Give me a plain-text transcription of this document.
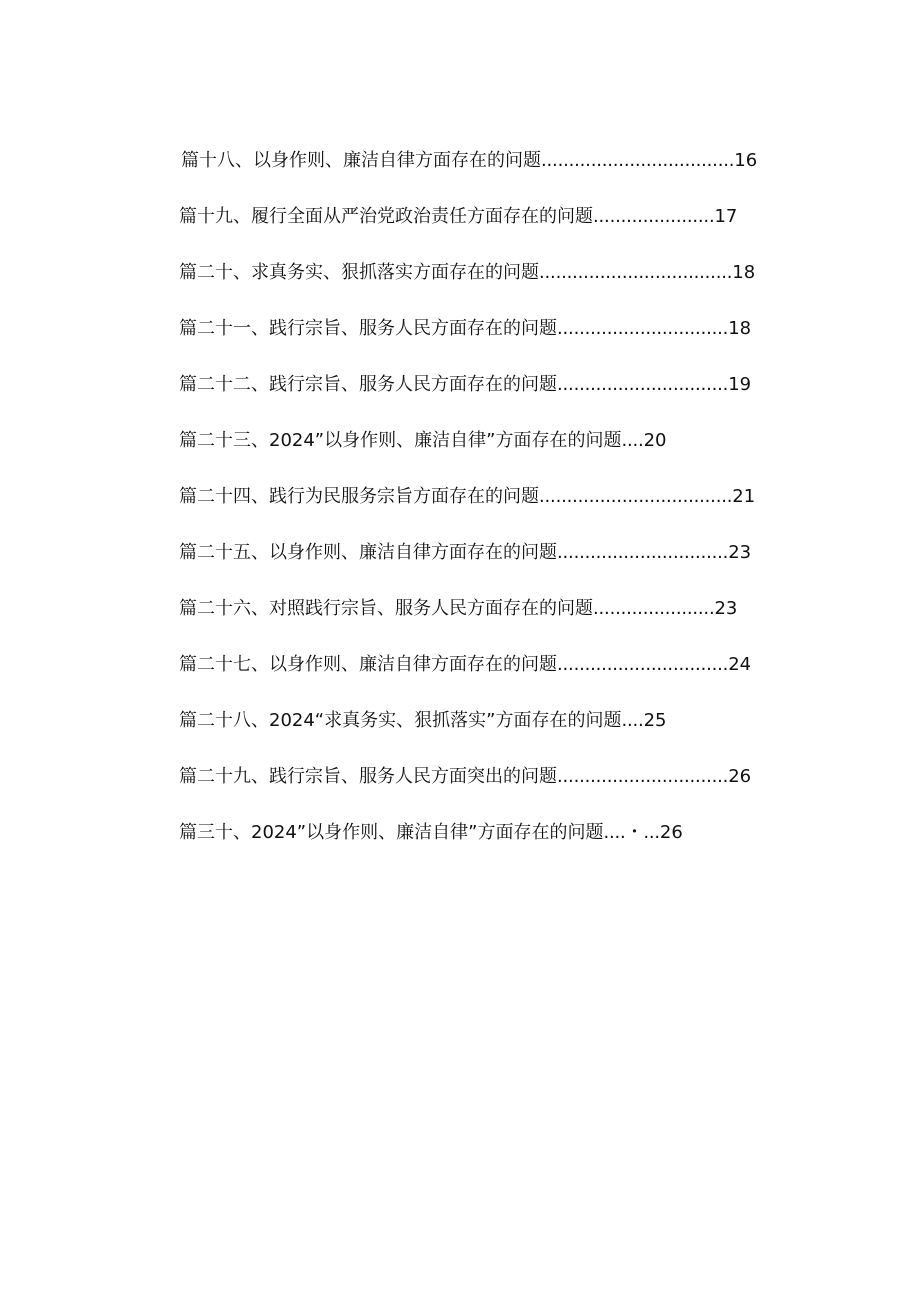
篇十八、以身作则、廉洁自律方面存在的问题...................................16
篇十九、履行全面从严治党政治责任方面存在的问题......................17
篇二十、求真务实、狠抓落实方面存在的问题...................................18
篇二十一、践行宗旨、服务人民方面存在的问题...............................18
篇二十二、践行宗旨、服务人民方面存在的问题...............................19
篇二十三、2024”以身作则、廉洁自律”方面存在的问题....20
篇二十四、践行为民服务宗旨方面存在的问题...................................21
篇二十五、以身作则、廉洁自律方面存在的问题...............................23
篇二十六、对照践行宗旨、服务人民方面存在的问题......................23
篇二十七、以身作则、廉洁自律方面存在的问题...............................24
篇二十八、2024“求真务实、狠抓落实”方面存在的问题....25
篇二十九、践行宗旨、服务人民方面突出的问题...............................26
篇三十、2024”以身作则、廉洁自律”方面存在的问题....・...26
